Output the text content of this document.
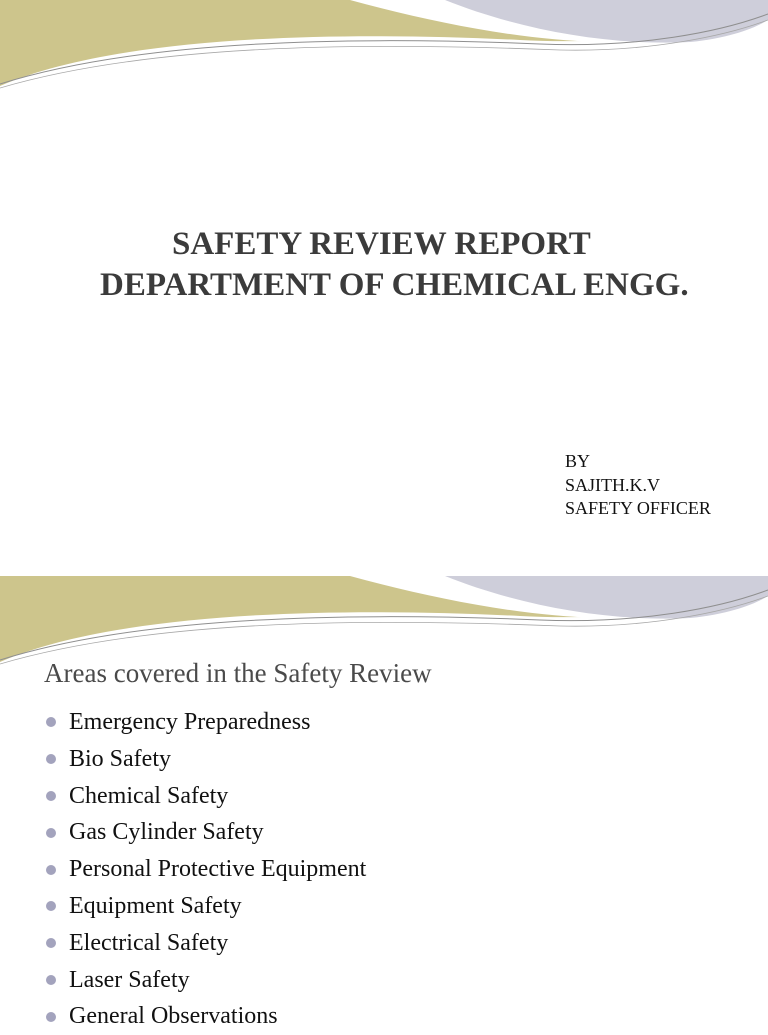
SAFETY REVIEW REPORT
DEPARTMENT OF CHEMICAL ENGG.
BY
SAJITH.K.V
SAFETY OFFICER
Areas covered in the Safety Review
Emergency Preparedness
Bio Safety
Chemical Safety
Gas Cylinder Safety
Personal Protective Equipment
Equipment Safety
Electrical Safety
Laser Safety
General Observations
